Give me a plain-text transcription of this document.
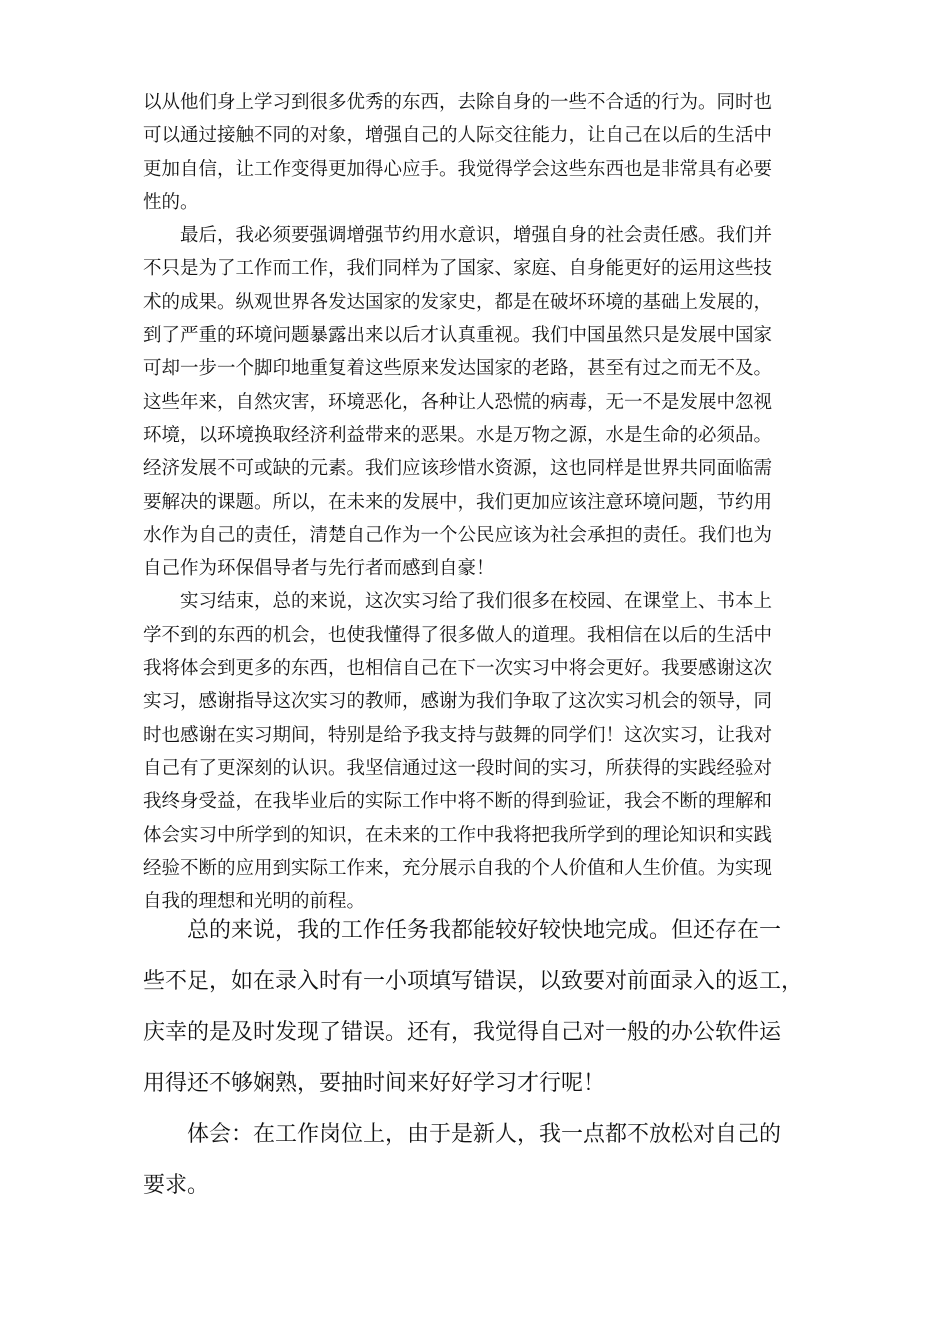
以从他们身上学习到很多优秀的东西，去除自身的一些不合适的行为。同时也
可以通过接触不同的对象，增强自己的人际交往能力，让自己在以后的生活中
更加自信，让工作变得更加得心应手。我觉得学会这些东西也是非常具有必要
性的。
　　最后，我必须要强调增强节约用水意识，增强自身的社会责任感。我们并
不只是为了工作而工作，我们同样为了国家、家庭、自身能更好的运用这些技
术的成果。纵观世界各发达国家的发家史，都是在破坏环境的基础上发展的，
到了严重的环境问题暴露出来以后才认真重视。我们中国虽然只是发展中国家
可却一步一个脚印地重复着这些原来发达国家的老路，甚至有过之而无不及。
这些年来，自然灾害，环境恶化，各种让人恐慌的病毒，无一不是发展中忽视
环境，以环境换取经济利益带来的恶果。水是万物之源，水是生命的必须品。
经济发展不可或缺的元素。我们应该珍惜水资源，这也同样是世界共同面临需
要解决的课题。所以，在未来的发展中，我们更加应该注意环境问题，节约用
水作为自己的责任，清楚自己作为一个公民应该为社会承担的责任。我们也为
自己作为环保倡导者与先行者而感到自豪！
　　实习结束，总的来说，这次实习给了我们很多在校园、在课堂上、书本上
学不到的东西的机会，也使我懂得了很多做人的道理。我相信在以后的生活中
我将体会到更多的东西，也相信自己在下一次实习中将会更好。我要感谢这次
实习，感谢指导这次实习的教师，感谢为我们争取了这次实习机会的领导，同
时也感谢在实习期间，特别是给予我支持与鼓舞的同学们！这次实习，让我对
自己有了更深刻的认识。我坚信通过这一段时间的实习，所获得的实践经验对
我终身受益，在我毕业后的实际工作中将不断的得到验证，我会不断的理解和
体会实习中所学到的知识，在未来的工作中我将把我所学到的理论知识和实践
经验不断的应用到实际工作来，充分展示自我的个人价值和人生价值。为实现
自我的理想和光明的前程。
　　总的来说，我的工作任务我都能较好较快地完成。但还存在一
些不足，如在录入时有一小项填写错误，以致要对前面录入的返工，
庆幸的是及时发现了错误。还有，我觉得自己对一般的办公软件运
用得还不够娴熟，要抽时间来好好学习才行呢！
　　体会：在工作岗位上，由于是新人，我一点都不放松对自己的
要求。
